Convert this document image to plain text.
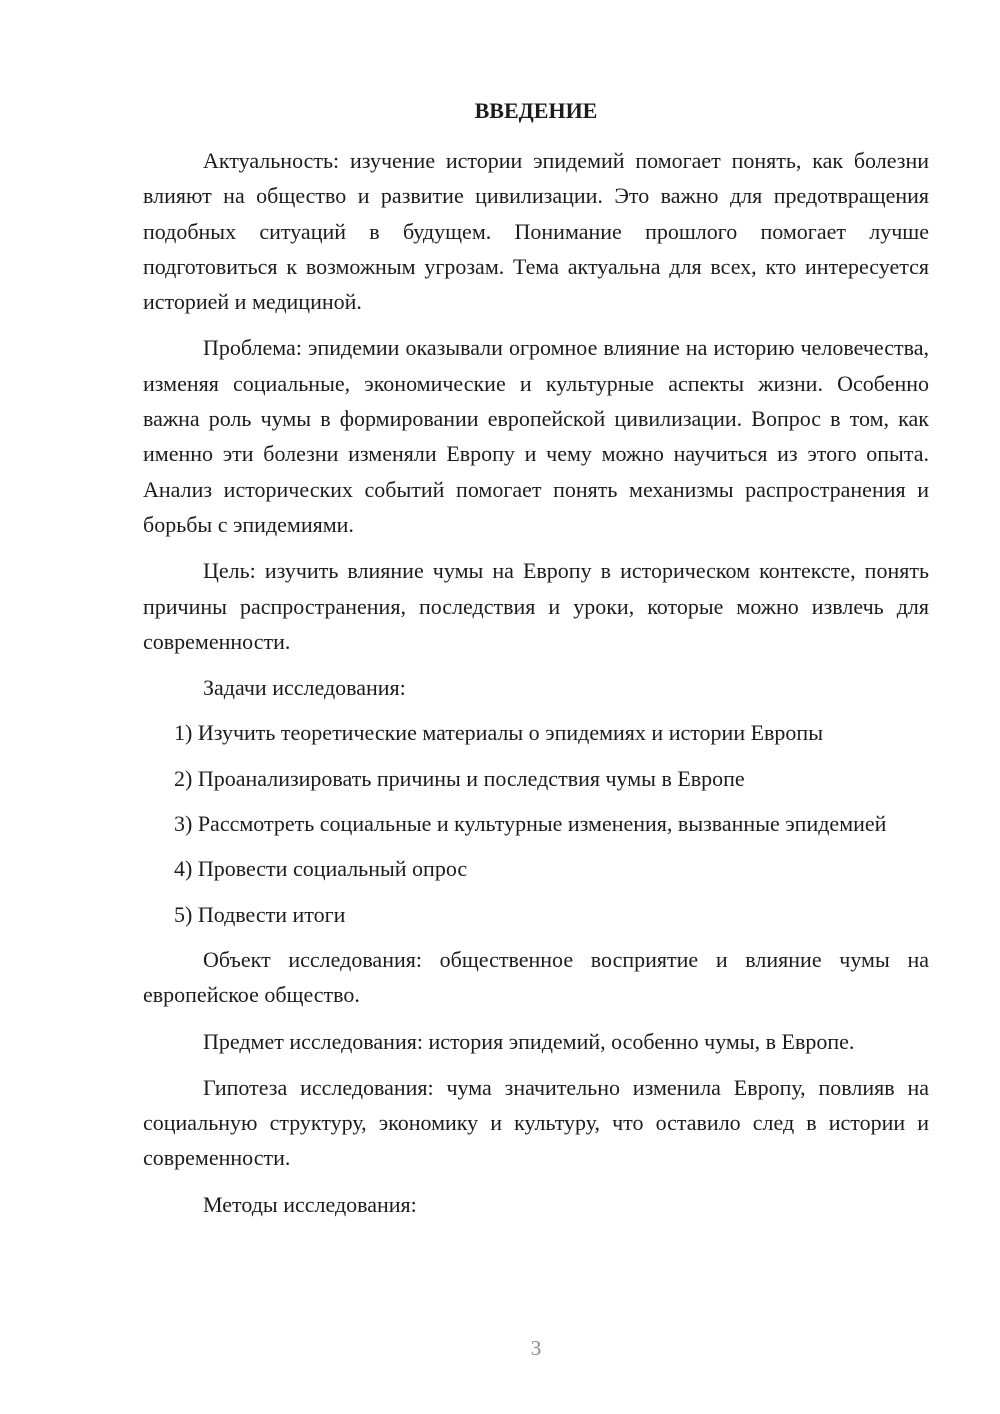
ВВЕДЕНИЕ

Актуальность: изучение истории эпидемий помогает понять, как болезни влияют на общество и развитие цивилизации. Это важно для предотвращения подобных ситуаций в будущем. Понимание прошлого помогает лучше подготовиться к возможным угрозам. Тема актуальна для всех, кто интересуется историей и медициной.

Проблема: эпидемии оказывали огромное влияние на историю человечества, изменяя социальные, экономические и культурные аспекты жизни. Особенно важна роль чумы в формировании европейской цивилизации. Вопрос в том, как именно эти болезни изменяли Европу и чему можно научиться из этого опыта. Анализ исторических событий помогает понять механизмы распространения и борьбы с эпидемиями.

Цель: изучить влияние чумы на Европу в историческом контексте, понять причины распространения, последствия и уроки, которые можно извлечь для современности.

Задачи исследования:

1) Изучить теоретические материалы о эпидемиях и истории Европы

2) Проанализировать причины и последствия чумы в Европе

3) Рассмотреть социальные и культурные изменения, вызванные эпидемией

4) Провести социальный опрос

5) Подвести итоги

Объект исследования: общественное восприятие и влияние чумы на европейское общество.

Предмет исследования: история эпидемий, особенно чумы, в Европе.

Гипотеза исследования: чума значительно изменила Европу, повлияв на социальную структуру, экономику и культуру, что оставило след в истории и современности.

Методы исследования:

3
